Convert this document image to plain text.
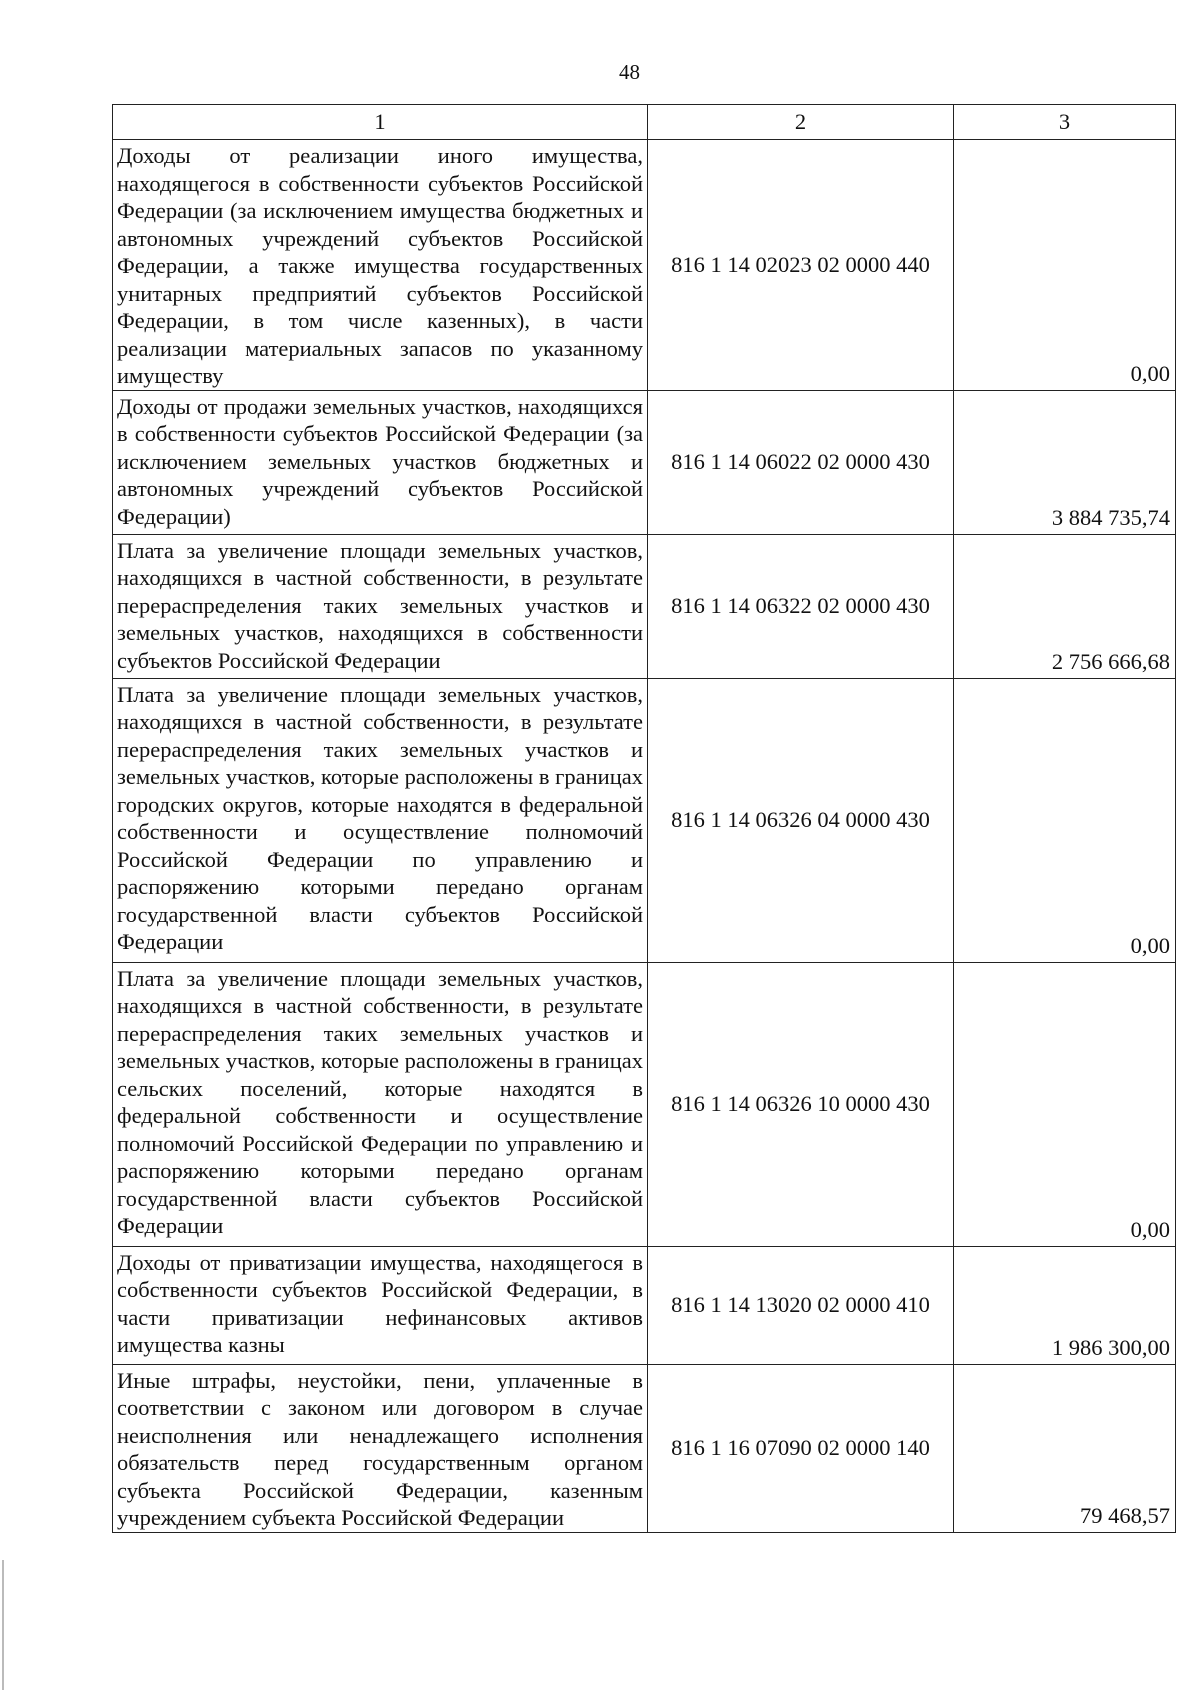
48
1	2	3
Доходы от реализации иного имущества, находящегося в собственности субъектов Российской Федерации (за исключением имущества бюджетных и автономных учреждений субъектов Российской Федерации, а также имущества государственных унитарных предприятий субъектов Российской Федерации, в том числе казенных), в части реализации материальных запасов по указанному имуществу	816 1 14 02023 02 0000 440	0,00
Доходы от продажи земельных участков, находящихся в собственности субъектов Российской Федерации (за исключением земельных участков бюджетных и автономных учреждений субъектов Российской Федерации)	816 1 14 06022 02 0000 430	3 884 735,74
Плата за увеличение площади земельных участков, находящихся в частной собственности, в результате перераспределения таких земельных участков и земельных участков, находящихся в собственности субъектов Российской Федерации	816 1 14 06322 02 0000 430	2 756 666,68
Плата за увеличение площади земельных участков, находящихся в частной собственности, в результате перераспределения таких земельных участков и земельных участков, которые расположены в границах городских округов, которые находятся в федеральной собственности и осуществление полномочий Российской Федерации по управлению и распоряжению которыми передано органам государственной власти субъектов Российской Федерации	816 1 14 06326 04 0000 430	0,00
Плата за увеличение площади земельных участков, находящихся в частной собственности, в результате перераспределения таких земельных участков и земельных участков, которые расположены в границах сельских поселений, которые находятся в федеральной собственности и осуществление полномочий Российской Федерации по управлению и распоряжению которыми передано органам государственной власти субъектов Российской Федерации	816 1 14 06326 10 0000 430	0,00
Доходы от приватизации имущества, находящегося в собственности субъектов Российской Федерации, в части приватизации нефинансовых активов имущества казны	816 1 14 13020 02 0000 410	1 986 300,00
Иные штрафы, неустойки, пени, уплаченные в соответствии с законом или договором в случае неисполнения или ненадлежащего исполнения обязательств перед государственным органом субъекта Российской Федерации, казенным учреждением субъекта Российской Федерации	816 1 16 07090 02 0000 140	79 468,57
